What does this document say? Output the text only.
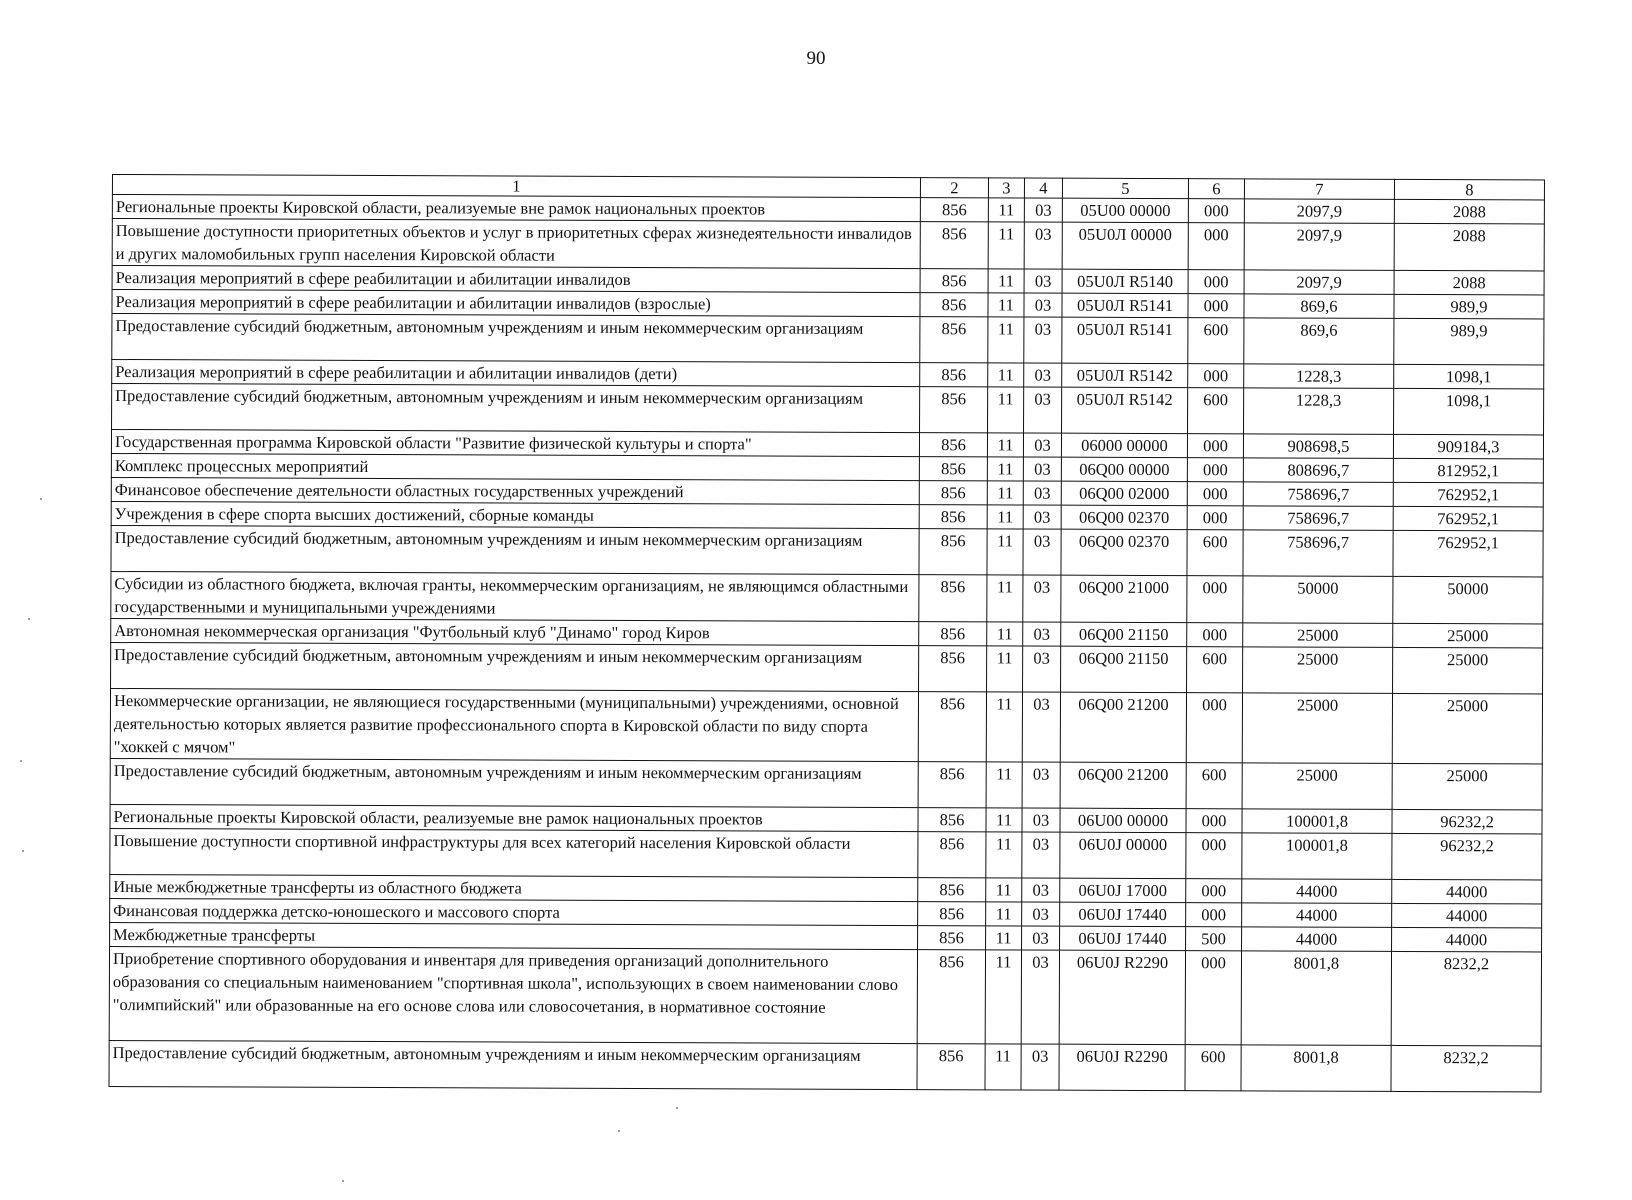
90
1	2	3	4	5	6	7	8
Региональные проекты Кировской области, реализуемые вне рамок национальных проектов	856	11	03	05U00 00000	000	2097,9	2088
Повышение доступности приоритетных объектов и услуг в приоритетных сферах жизнедеятельности инвалидов и других маломобильных групп населения Кировской области	856	11	03	05U0Л 00000	000	2097,9	2088
Реализация мероприятий в сфере реабилитации и абилитации инвалидов	856	11	03	05U0Л R5140	000	2097,9	2088
Реализация мероприятий в сфере реабилитации и абилитации инвалидов (взрослые)	856	11	03	05U0Л R5141	000	869,6	989,9
Предоставление субсидий бюджетным, автономным учреждениям и иным некоммерческим организациям	856	11	03	05U0Л R5141	600	869,6	989,9
Реализация мероприятий в сфере реабилитации и абилитации инвалидов (дети)	856	11	03	05U0Л R5142	000	1228,3	1098,1
Предоставление субсидий бюджетным, автономным учреждениям и иным некоммерческим организациям	856	11	03	05U0Л R5142	600	1228,3	1098,1
Государственная программа Кировской области "Развитие физической культуры и спорта"	856	11	03	06000 00000	000	908698,5	909184,3
Комплекс процессных мероприятий	856	11	03	06Q00 00000	000	808696,7	812952,1
Финансовое обеспечение деятельности областных государственных учреждений	856	11	03	06Q00 02000	000	758696,7	762952,1
Учреждения в сфере спорта высших достижений, сборные команды	856	11	03	06Q00 02370	000	758696,7	762952,1
Предоставление субсидий бюджетным, автономным учреждениям и иным некоммерческим организациям	856	11	03	06Q00 02370	600	758696,7	762952,1
Субсидии из областного бюджета, включая гранты, некоммерческим организациям, не являющимся областными государственными и муниципальными учреждениями	856	11	03	06Q00 21000	000	50000	50000
Автономная некоммерческая организация "Футбольный клуб "Динамо" город Киров	856	11	03	06Q00 21150	000	25000	25000
Предоставление субсидий бюджетным, автономным учреждениям и иным некоммерческим организациям	856	11	03	06Q00 21150	600	25000	25000
Некоммерческие организации, не являющиеся государственными (муниципальными) учреждениями, основной деятельностью которых является развитие профессионального спорта в Кировской области по виду спорта "хоккей с мячом"	856	11	03	06Q00 21200	000	25000	25000
Предоставление субсидий бюджетным, автономным учреждениям и иным некоммерческим организациям	856	11	03	06Q00 21200	600	25000	25000
Региональные проекты Кировской области, реализуемые вне рамок национальных проектов	856	11	03	06U00 00000	000	100001,8	96232,2
Повышение доступности спортивной инфраструктуры для всех категорий населения Кировской области	856	11	03	06U0J 00000	000	100001,8	96232,2
Иные межбюджетные трансферты из областного бюджета	856	11	03	06U0J 17000	000	44000	44000
Финансовая поддержка детско-юношеского и массового спорта	856	11	03	06U0J 17440	000	44000	44000
Межбюджетные трансферты	856	11	03	06U0J 17440	500	44000	44000
Приобретение спортивного оборудования и инвентаря для приведения организаций дополнительного образования со специальным наименованием "спортивная школа", использующих в своем наименовании слово "олимпийский" или образованные на его основе слова или словосочетания, в нормативное состояние	856	11	03	06U0J R2290	000	8001,8	8232,2
Предоставление субсидий бюджетным, автономным учреждениям и иным некоммерческим организациям	856	11	03	06U0J R2290	600	8001,8	8232,2
